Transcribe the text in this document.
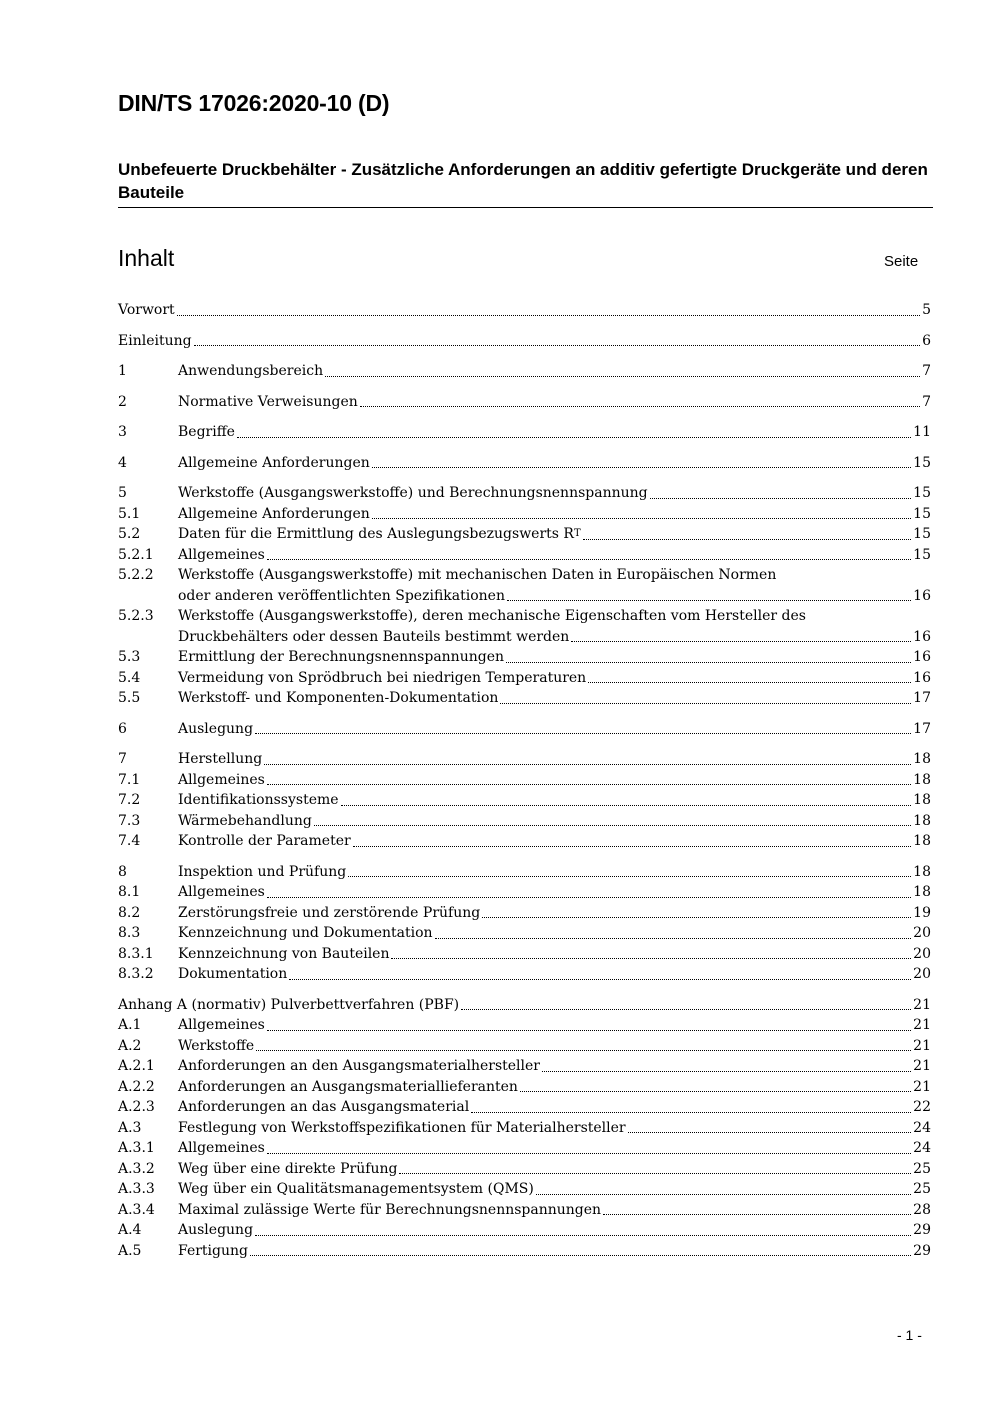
DIN/TS 17026:2020-10 (D)
Unbefeuerte Druckbehälter - Zusätzliche Anforderungen an additiv gefertigte Druckgeräte und deren Bauteile
Inhalt	Seite
Vorwort	5
Einleitung	6
1	Anwendungsbereich	7
2	Normative Verweisungen	7
3	Begriffe	11
4	Allgemeine Anforderungen	15
5	Werkstoffe (Ausgangswerkstoffe) und Berechnungsnennspannung	15
5.1	Allgemeine Anforderungen	15
5.2	Daten für die Ermittlung des Auslegungsbezugswerts R T	15
5.2.1	Allgemeines	15
5.2.2	Werkstoffe (Ausgangswerkstoffe) mit mechanischen Daten in Europäischen Normen
oder anderen veröffentlichten Spezifikationen	16
5.2.3	Werkstoffe (Ausgangswerkstoffe), deren mechanische Eigenschaften vom Hersteller des
Druckbehälters oder dessen Bauteils bestimmt werden	16
5.3	Ermittlung der Berechnungsnennspannungen	16
5.4	Vermeidung von Sprödbruch bei niedrigen Temperaturen	16
5.5	Werkstoff- und Komponenten-Dokumentation	17
6	Auslegung	17
7	Herstellung	18
7.1	Allgemeines	18
7.2	Identifikationssysteme	18
7.3	Wärmebehandlung	18
7.4	Kontrolle der Parameter	18
8	Inspektion und Prüfung	18
8.1	Allgemeines	18
8.2	Zerstörungsfreie und zerstörende Prüfung	19
8.3	Kennzeichnung und Dokumentation	20
8.3.1	Kennzeichnung von Bauteilen	20
8.3.2	Dokumentation	20
Anhang A (normativ) Pulverbettverfahren (PBF)	21
A.1	Allgemeines	21
A.2	Werkstoffe	21
A.2.1	Anforderungen an den Ausgangsmaterialhersteller	21
A.2.2	Anforderungen an Ausgangsmateriallieferanten	21
A.2.3	Anforderungen an das Ausgangsmaterial	22
A.3	Festlegung von Werkstoffspezifikationen für Materialhersteller	24
A.3.1	Allgemeines	24
A.3.2	Weg über eine direkte Prüfung	25
A.3.3	Weg über ein Qualitätsmanagementsystem (QMS)	25
A.3.4	Maximal zulässige Werte für Berechnungsnennspannungen	28
A.4	Auslegung	29
A.5	Fertigung	29
- 1 -
